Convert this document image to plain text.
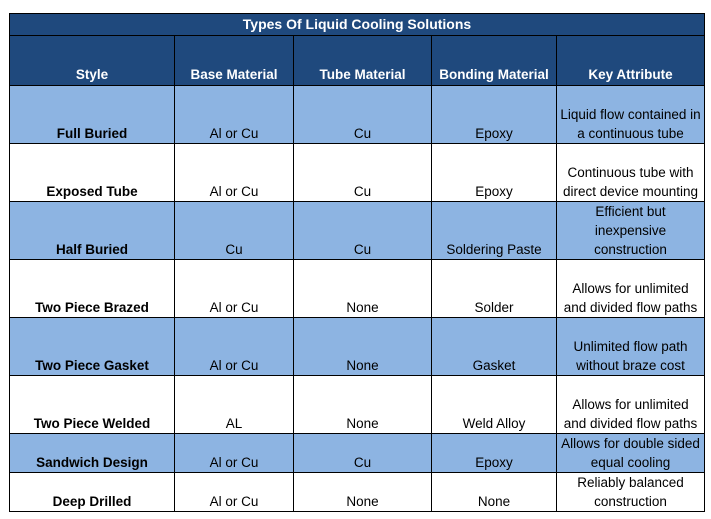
Types Of Liquid Cooling Solutions				
Style	Base Material	Tube Material	Bonding Material	Key Attribute
Full Buried	Al or Cu	Cu	Epoxy	Liquid flow contained in a continuous tube
Exposed Tube	Al or Cu	Cu	Epoxy	Continuous tube with direct device mounting
Half Buried	Cu	Cu	Soldering Paste	Efficient but inexpensive construction
Two Piece Brazed	Al or Cu	None	Solder	Allows for unlimited and divided flow paths
Two Piece Gasket	Al or Cu	None	Gasket	Unlimited flow path without braze cost
Two Piece Welded	AL	None	Weld Alloy	Allows for unlimited and divided flow paths
Sandwich Design	Al or Cu	Cu	Epoxy	Allows for double sided equal cooling
Deep Drilled	Al or Cu	None	None	Reliably balanced construction
